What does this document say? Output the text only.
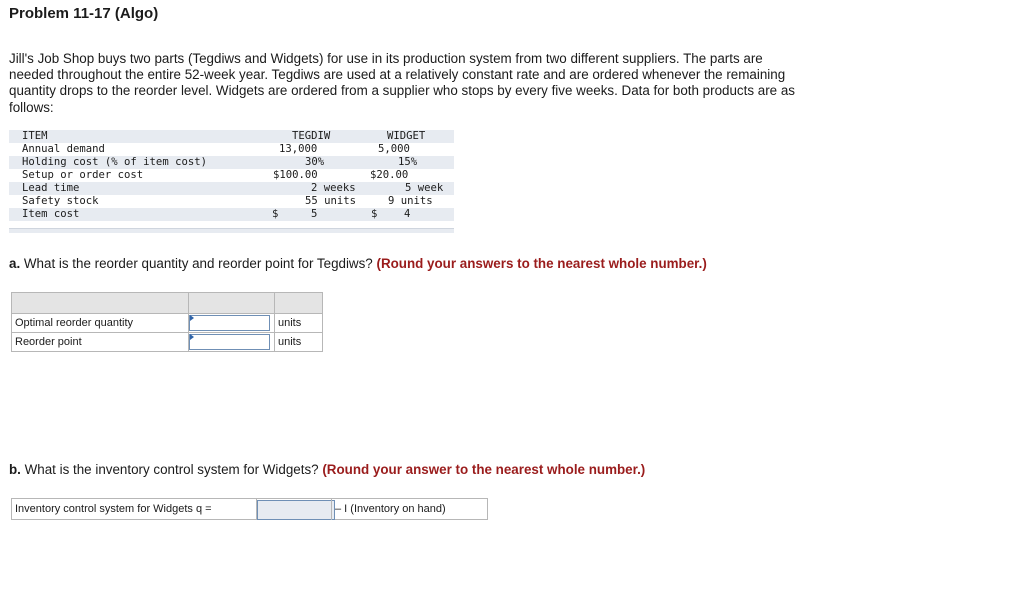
Problem 11-17 (Algo)
Jill's Job Shop buys two parts (Tegdiws and Widgets) for use in its production system from two different suppliers. The parts are needed throughout the entire 52-week year. Tegdiws are used at a relatively constant rate and are ordered whenever the remaining quantity drops to the reorder level. Widgets are ordered from a supplier who stops by every five weeks. Data for both products are as follows:
ITEM	TEGDIW	WIDGET
Annual demand	13,000	5,000
Holding cost (% of item cost)	30%	15%
Setup or order cost	$100.00	$20.00
Lead time	2 weeks	5 week
Safety stock	55 units	9 units
Item cost	$	5	$	4
a. What is the reorder quantity and reorder point for Tegdiws? (Round your answers to the nearest whole number.)

Optimal reorder quantity		units
Reorder point		units
b. What is the inventory control system for Widgets? (Round your answer to the nearest whole number.)
Inventory control system for Widgets q =	– I (Inventory on hand)
